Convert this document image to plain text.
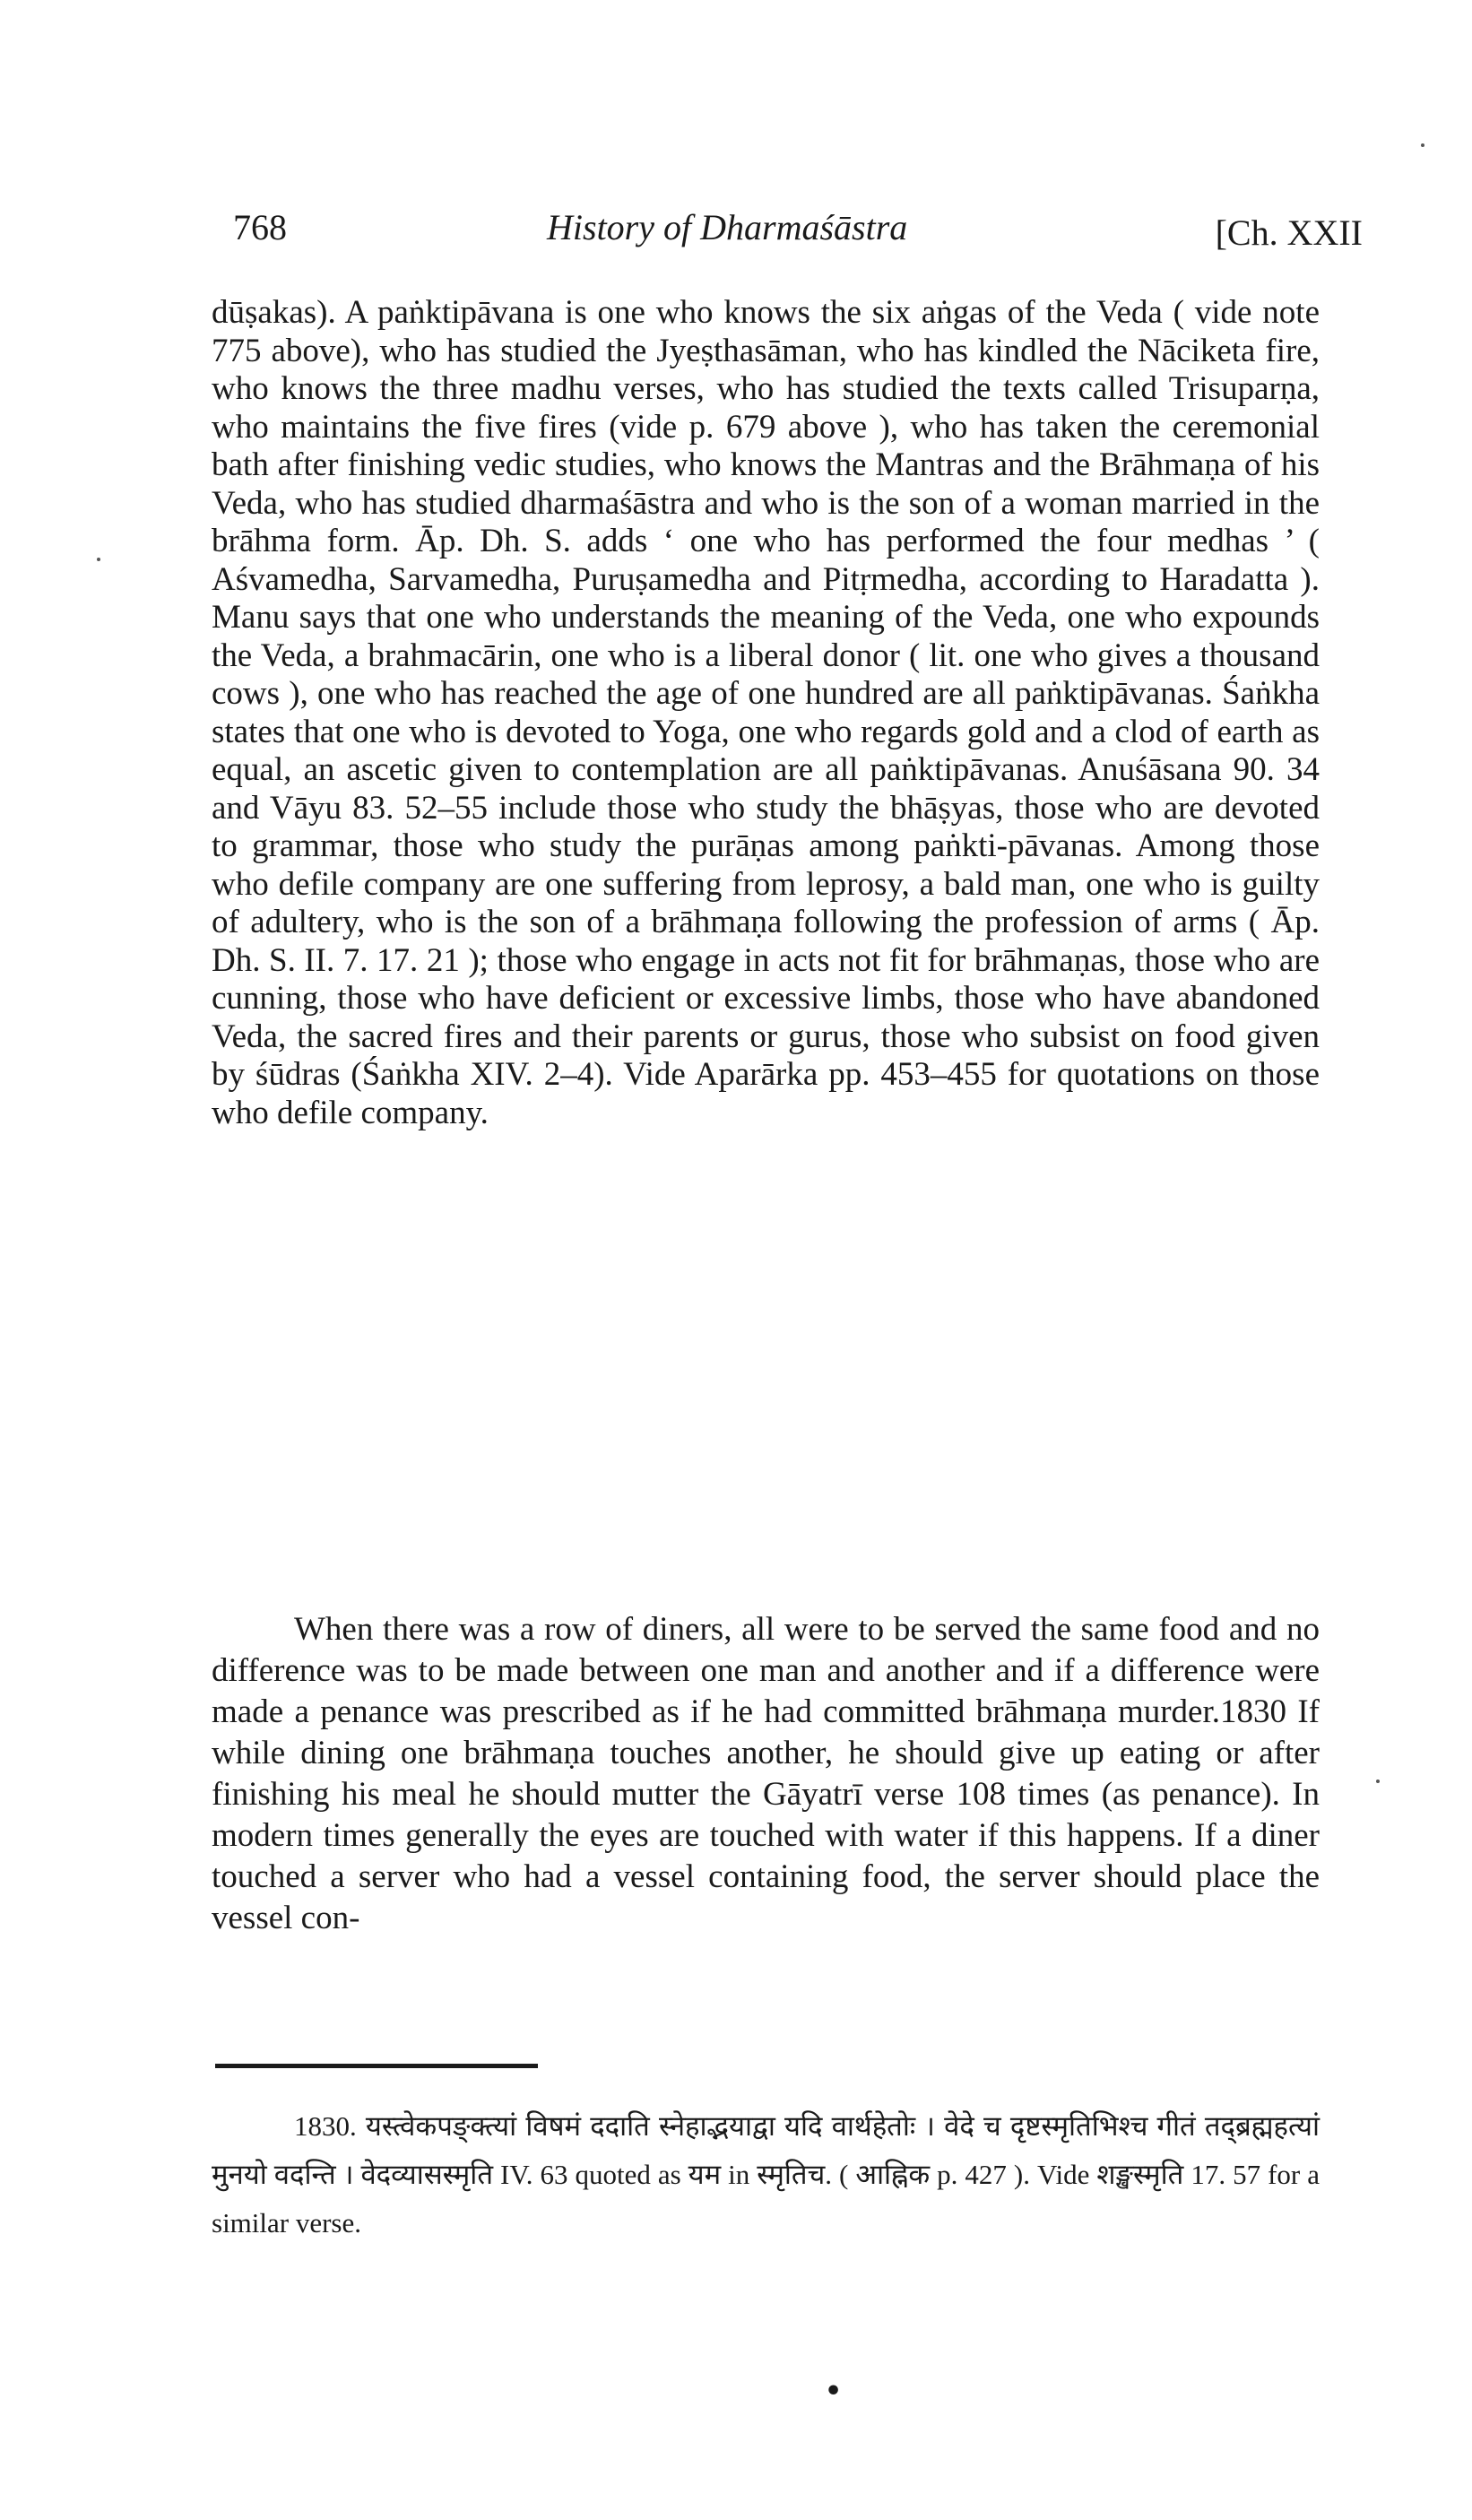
768	History of Dharmaśāstra	[Ch. XXII

dūṣakas). A paṅktipāvana is one who knows the six aṅgas of the Veda ( vide note 775 above), who has studied the Jyeṣthasāman, who has kindled the Nāciketa fire, who knows the three madhu verses, who has studied the texts called Trisuparṇa, who maintains the five fires (vide p. 679 above ), who has taken the ceremonial bath after finishing vedic studies, who knows the Mantras and the Brāhmaṇa of his Veda, who has studied dharmaśāstra and who is the son of a woman married in the brāhma form. Āp. Dh. S. adds ‘ one who has performed the four medhas ’ ( Aśvamedha, Sarvamedha, Puruṣamedha and Pitṛmedha, according to Haradatta ). Manu says that one who understands the meaning of the Veda, one who expounds the Veda, a brahmacārin, one who is a liberal donor ( lit. one who gives a thousand cows ), one who has reached the age of one hundred are all paṅktipāvanas. Śaṅkha states that one who is devoted to Yoga, one who regards gold and a clod of earth as equal, an ascetic given to contemplation are all paṅktipāvanas. Anuśāsana 90. 34 and Vāyu 83. 52–55 include those who study the bhāṣyas, those who are devoted to grammar, those who study the purāṇas among paṅkti-pāvanas. Among those who defile company are one suffering from leprosy, a bald man, one who is guilty of adultery, who is the son of a brāhmaṇa following the profession of arms ( Āp. Dh. S. II. 7. 17. 21 ); those who engage in acts not fit for brāhmaṇas, those who are cunning, those who have deficient or excessive limbs, those who have abandoned Veda, the sacred fires and their parents or gurus, those who subsist on food given by śūdras (Śaṅkha XIV. 2–4). Vide Aparārka pp. 453–455 for quotations on those who defile company.

When there was a row of diners, all were to be served the same food and no difference was to be made between one man and another and if a difference were made a penance was prescribed as if he had committed brāhmaṇa murder.1830 If while dining one brāhmaṇa touches another, he should give up eating or after finishing his meal he should mutter the Gāyatrī verse 108 times (as penance). In modern times generally the eyes are touched with water if this happens. If a diner touched a server who had a vessel containing food, the server should place the vessel con-

1830. यस्त्वेकपङ्क्त्यां विषमं ददाति स्नेहाद्भयाद्वा यदि वार्थहेतोः । वेदे च दृष्टस्मृतिभिश्च गीतं तद्ब्रह्महत्यां मुनयो वदन्ति । वेदव्यासस्मृति IV. 63 quoted as यम in स्मृतिच. ( आह्निक p. 427 ). Vide शङ्खस्मृति 17. 57 for a similar verse.

•
